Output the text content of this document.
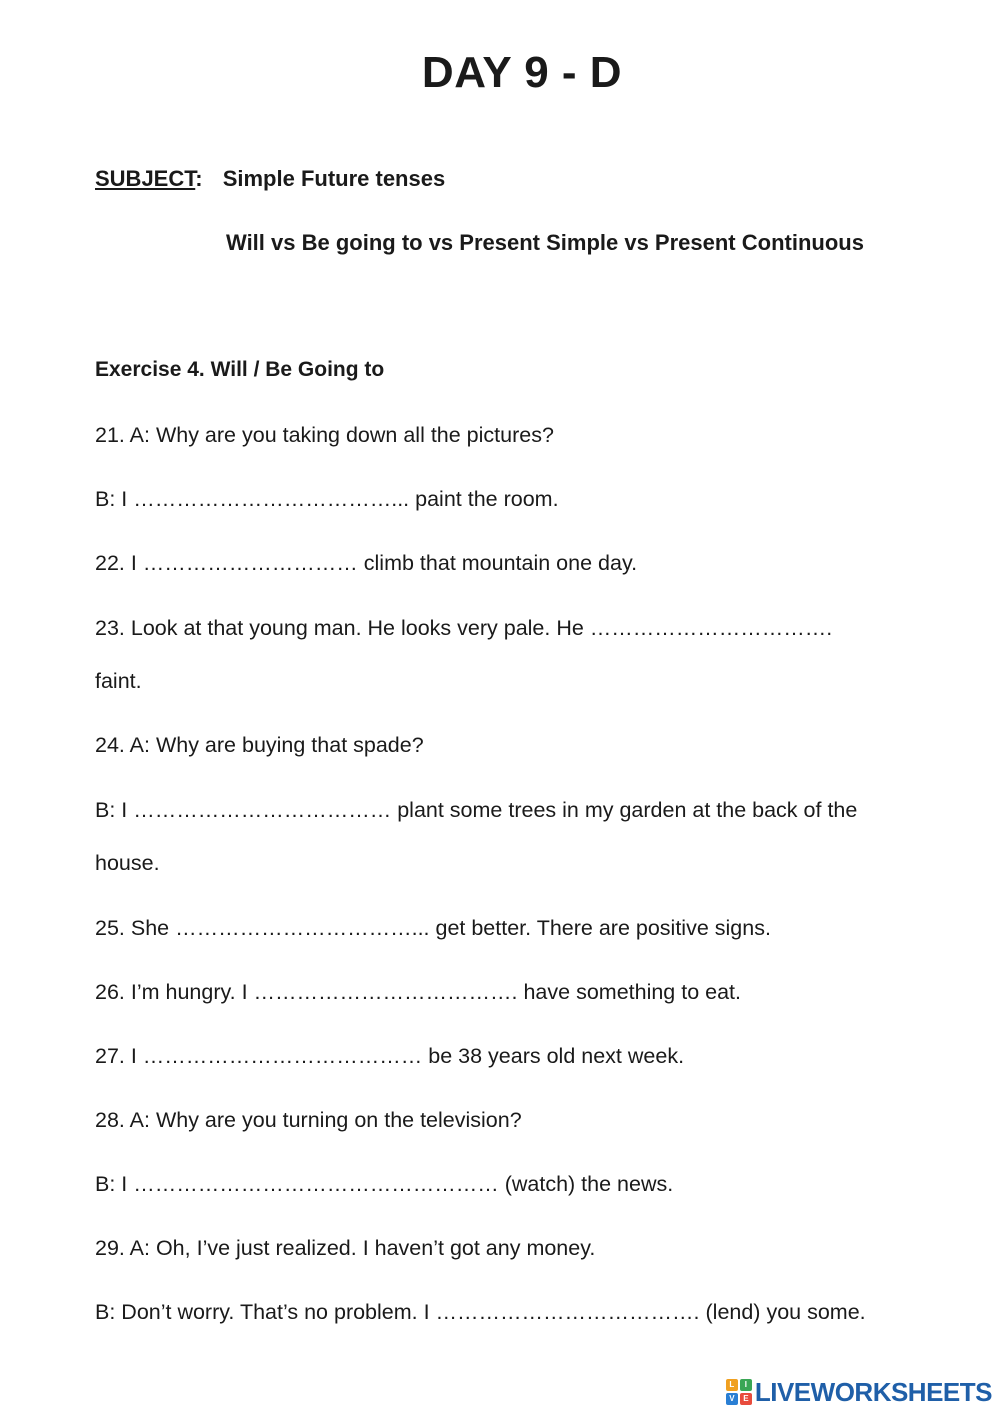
DAY 9 - D
SUBJECT: Simple Future tenses
Will vs Be going to vs Present Simple vs Present Continuous
Exercise 4. Will / Be Going to
21. A: Why are you taking down all the pictures?
B: I ………………………………... paint the room.
22. I ………………………… climb that mountain one day.
23. Look at that young man. He looks very pale. He …………………………….
faint.
24. A: Why are buying that spade?
B: I ……………………………… plant some trees in my garden at the back of the
house.
25. She ……………………………... get better. There are positive signs.
26. I’m hungry. I ………………………………. have something to eat.
27. I ………………………………… be 38 years old next week.
28. A: Why are you turning on the television?
B: I …………………………………………… (watch) the news.
29. A: Oh, I’ve just realized. I haven’t got any money.
B: Don’t worry. That’s no problem. I ………………………………. (lend) you some.
L	I
V	E LIVEWORKSHEETS
